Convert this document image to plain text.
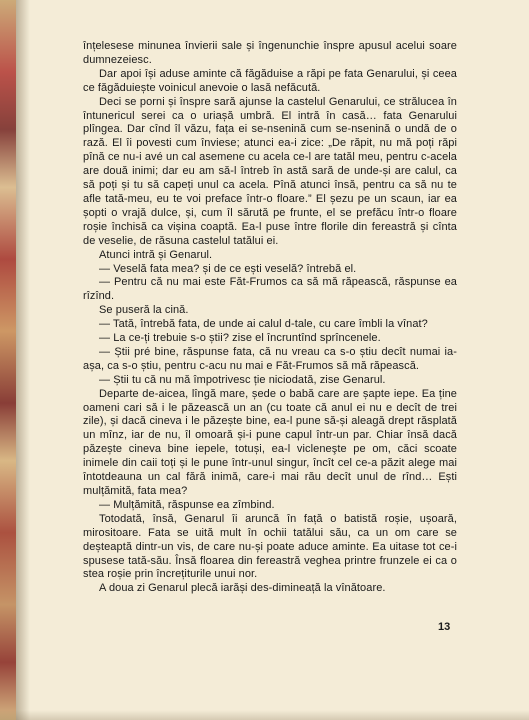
înțelesese minunea învierii sale și îngenunchie înspre apusul acelui soare dumnezeiesc.

Dar apoi își aduse aminte că făgăduise a răpi pe fata Genarului, și ceea ce făgăduiește voinicul anevoie o lasă nefăcută.

Deci se porni și înspre sară ajunse la castelul Genarului, ce strălucea în întunericul serei ca o uriașă umbră. El intră în casă… fata Genarului plîngea. Dar cînd îl văzu, fața ei se-nsenină cum se-nsenină o undă de o rază. El îi povesti cum înviese; atunci ea-i zice: „De răpit, nu mă poți răpi pînă ce nu-i avé un cal asemene cu acela ce-l are tatăl meu, pentru c-acela are două inimi; dar eu am să-l întreb în astă sară de unde-și are calul, ca să poți și tu să capeți unul ca acela. Pînă atunci însă, pentru ca să nu te afle tată-meu, eu te voi preface într-o floare.” El șezu pe un scaun, iar ea șopti o vrajă dulce, și, cum îl sărută pe frunte, el se prefăcu într-o floare roșie închisă ca vișina coaptă. Ea-l puse între florile din fereastră și cînta de veselie, de răsuna castelul tatălui ei.

Atunci intră și Genarul.

— Veselă fata mea? și de ce ești veselă? întrebă el.

— Pentru că nu mai este Făt-Frumos ca să mă răpească, răspunse ea rîzînd.

Se puseră la cină.

— Tată, întrebă fata, de unde ai calul d-tale, cu care îmbli la vînat?

— La ce-ți trebuie s-o știi? zise el încruntînd sprîncenele.

— Știi pré bine, răspunse fata, că nu vreau ca s-o știu decît numai ia-așa, ca s-o știu, pentru c-acu nu mai e Făt-Frumos să mă răpească.

— Știi tu că nu mă împotrivesc ție niciodată, zise Genarul.

Departe de-aicea, lîngă mare, șede o babă care are șapte iepe. Ea ține oameni cari să i le păzească un an (cu toate că anul ei nu e decît de trei zile), și dacă cineva i le păzește bine, ea-l pune să-și aleagă drept răsplată un mînz, iar de nu, îl omoară și-i pune capul într-un par. Chiar însă dacă păzește cineva bine iepele, totuși, ea-l vicleneşte pe om, căci scoate inimele din caii toți și le pune într-unul singur, încît cel ce-a păzit alege mai întotdeauna un cal fără inimă, care-i mai rău decît unul de rînd… Ești mulțămită, fata mea?

— Mulțămită, răspunse ea zîmbind.

Totodată, însă, Genarul îi aruncă în față o batistă roșie, ușoară, mirositoare. Fata se uită mult în ochii tatălui său, ca un om care se deșteaptă dintr-un vis, de care nu-și poate aduce aminte. Ea uitase tot ce-i spusese tată-său. Însă floarea din fereastră veghea printre frunzele ei ca o stea roșie prin încrețiturile unui nor.

A doua zi Genarul plecă iarăși des-dimineață la vînătoare.

13
